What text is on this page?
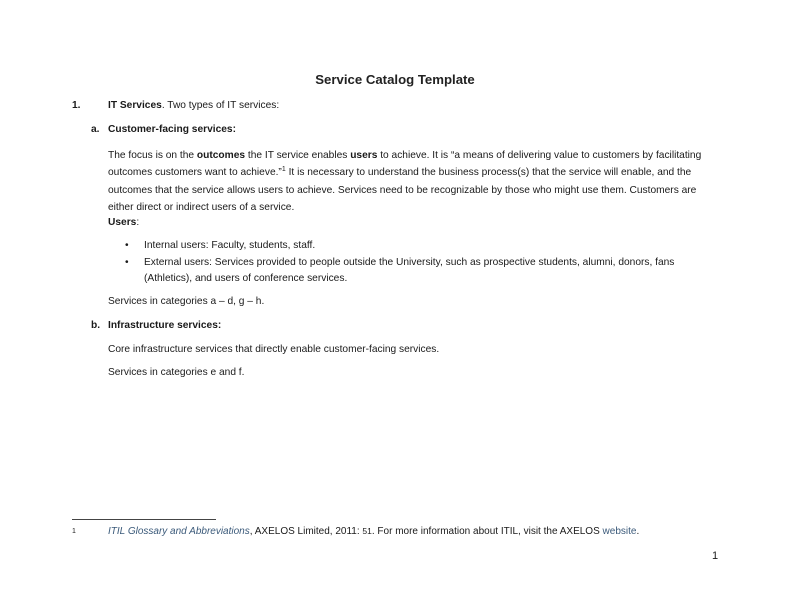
Service Catalog Template
1.	IT Services. Two types of IT services:
a. Customer-facing services:
The focus is on the outcomes the IT service enables users to achieve. It is “a means of delivering value to customers by facilitating outcomes customers want to achieve.”$^1$ It is necessary to understand the business process(s) that the service will enable, and the outcomes that the service allows users to achieve. Services need to be recognizable by those who might use them. Customers are either direct or indirect users of a service.
Users:
• Internal users: Faculty, students, staff.
• External users: Services provided to people outside the University, such as prospective students, alumni, donors, fans
(Athletics), and users of conference services.
Services in categories a – d, g – h.
b. Infrastructure services:
Core infrastructure services that directly enable customer-facing services.
Services in categories e and f.
1	ITIL Glossary and Abbreviations, AXELOS Limited, 2011: 51. For more information about ITIL, visit the AXELOS website.
1
